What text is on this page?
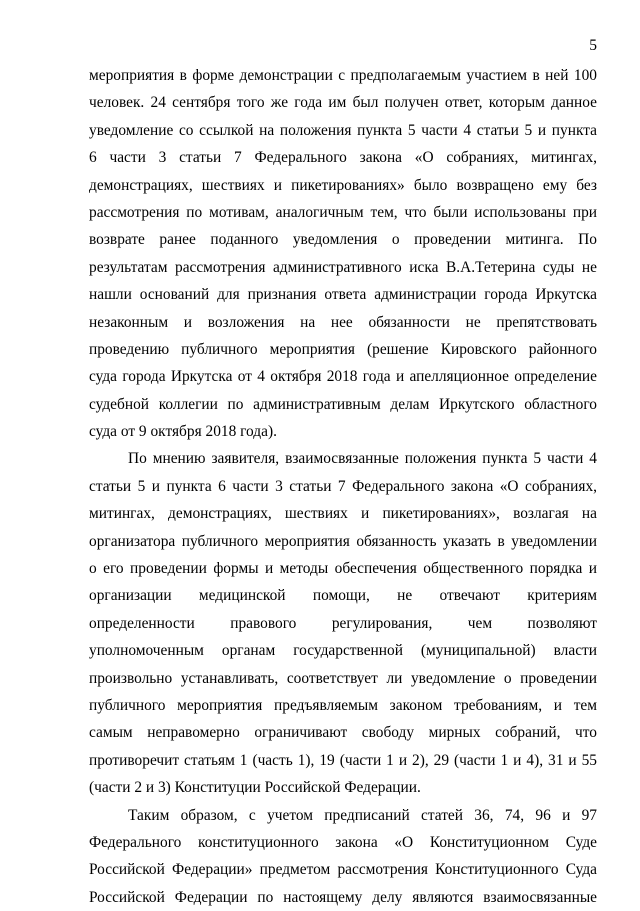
5
мероприятия в форме демонстрации с предполагаемым участием в ней 100
человек. 24 сентября того же года им был получен ответ, которым данное
уведомление со ссылкой на положения пункта 5 части 4 статьи 5 и пункта
6 части 3 статьи 7 Федерального закона «О собраниях, митингах,
демонстрациях, шествиях и пикетированиях» было возвращено ему без
рассмотрения по мотивам, аналогичным тем, что были использованы при
возврате ранее поданного уведомления о проведении митинга. По
результатам рассмотрения административного иска В.А.Тетерина суды не
нашли оснований для признания ответа администрации города Иркутска
незаконным и возложения на нее обязанности не препятствовать
проведению публичного мероприятия (решение Кировского районного
суда города Иркутска от 4 октября 2018 года и апелляционное определение
судебной коллегии по административным делам Иркутского областного
суда от 9 октября 2018 года).
По мнению заявителя, взаимосвязанные положения пункта 5 части 4
статьи 5 и пункта 6 части 3 статьи 7 Федерального закона «О собраниях,
митингах, демонстрациях, шествиях и пикетированиях», возлагая на
организатора публичного мероприятия обязанность указать в уведомлении
о его проведении формы и методы обеспечения общественного порядка и
организации медицинской помощи, не отвечают критериям
определенности правового регулирования, чем позволяют
уполномоченным органам государственной (муниципальной) власти
произвольно устанавливать, соответствует ли уведомление о проведении
публичного мероприятия предъявляемым законом требованиям, и тем
самым неправомерно ограничивают свободу мирных собраний, что
противоречит статьям 1 (часть 1), 19 (части 1 и 2), 29 (части 1 и 4), 31 и 55
(части 2 и 3) Конституции Российской Федерации.
Таким образом, с учетом предписаний статей 36, 74, 96 и 97
Федерального конституционного закона «О Конституционном Суде
Российской Федерации» предметом рассмотрения Конституционного Суда
Российской Федерации по настоящему делу являются взаимосвязанные
